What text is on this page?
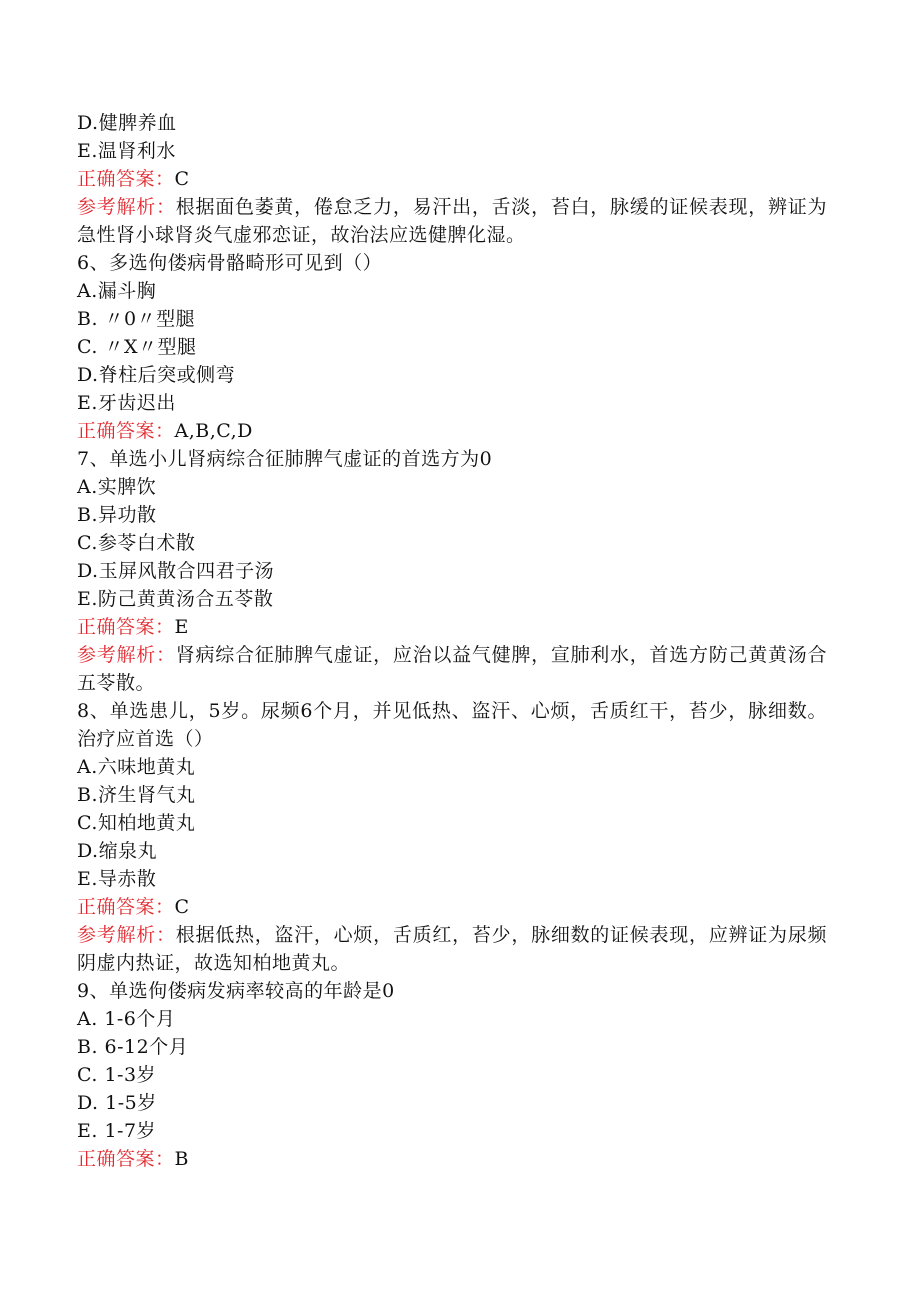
D.健脾养血
E.温肾利水
正确答案：C
参考解析：根据面色萎黄，倦怠乏力，易汗出，舌淡，苔白，脉缓的证候表现，辨证为急性肾小球肾炎气虚邪恋证，故治法应选健脾化湿。
6、多选佝偻病骨骼畸形可见到（）
A.漏斗胸
B. 〃0〃型腿
C. 〃X〃型腿
D.脊柱后突或侧弯
E.牙齿迟出
正确答案：A,B,C,D
7、单选小儿肾病综合征肺脾气虚证的首选方为0
A.实脾饮
B.异功散
C.参苓白术散
D.玉屏风散合四君子汤
E.防己黄黄汤合五苓散
正确答案：E
参考解析：肾病综合征肺脾气虚证，应治以益气健脾，宣肺利水，首选方防己黄黄汤合五苓散。
8、单选患儿，5岁。尿频6个月，并见低热、盗汗、心烦，舌质红干，苔少，脉细数。治疗应首选（）
A.六味地黄丸
B.济生肾气丸
C.知柏地黄丸
D.缩泉丸
E.导赤散
正确答案：C
参考解析：根据低热，盗汗，心烦，舌质红，苔少，脉细数的证候表现，应辨证为尿频阴虚内热证，故选知柏地黄丸。
9、单选佝偻病发病率较高的年龄是0
A. 1-6个月
B. 6-12个月
C. 1-3岁
D. 1-5岁
E. 1-7岁
正确答案：B
